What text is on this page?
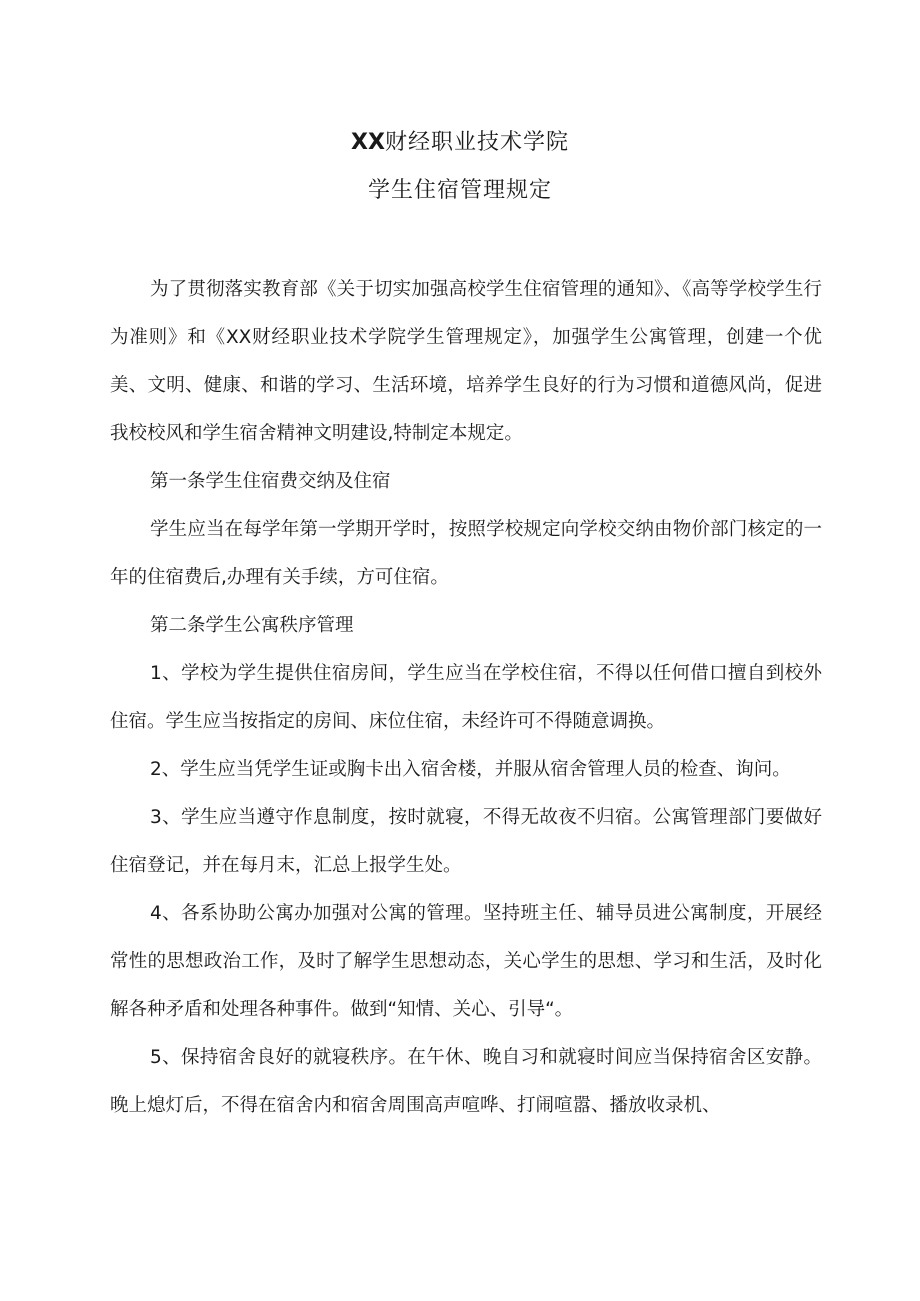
XX财经职业技术学院
学生住宿管理规定

为了贯彻落实教育部《关于切实加强高校学生住宿管理的通知》、《高等学校学生行为准则》和《XX财经职业技术学院学生管理规定》，加强学生公寓管理，创建一个优美、文明、健康、和谐的学习、生活环境，培养学生良好的行为习惯和道德风尚，促进我校校风和学生宿舍精神文明建设,特制定本规定。

第一条学生住宿费交纳及住宿

学生应当在每学年第一学期开学时，按照学校规定向学校交纳由物价部门核定的一年的住宿费后,办理有关手续，方可住宿。

第二条学生公寓秩序管理

1、学校为学生提供住宿房间，学生应当在学校住宿，不得以任何借口擅自到校外住宿。学生应当按指定的房间、床位住宿，未经许可不得随意调换。

2、学生应当凭学生证或胸卡出入宿舍楼，并服从宿舍管理人员的检查、询问。

3、学生应当遵守作息制度，按时就寝，不得无故夜不归宿。公寓管理部门要做好住宿登记，并在每月末，汇总上报学生处。

4、各系协助公寓办加强对公寓的管理。坚持班主任、辅导员进公寓制度，开展经常性的思想政治工作，及时了解学生思想动态，关心学生的思想、学习和生活，及时化解各种矛盾和处理各种事件。做到“知情、关心、引导“。

5、保持宿舍良好的就寝秩序。在午休、晚自习和就寝时间应当保持宿舍区安静。晚上熄灯后，不得在宿舍内和宿舍周围高声喧哗、打闹喧嚣、播放收录机、
